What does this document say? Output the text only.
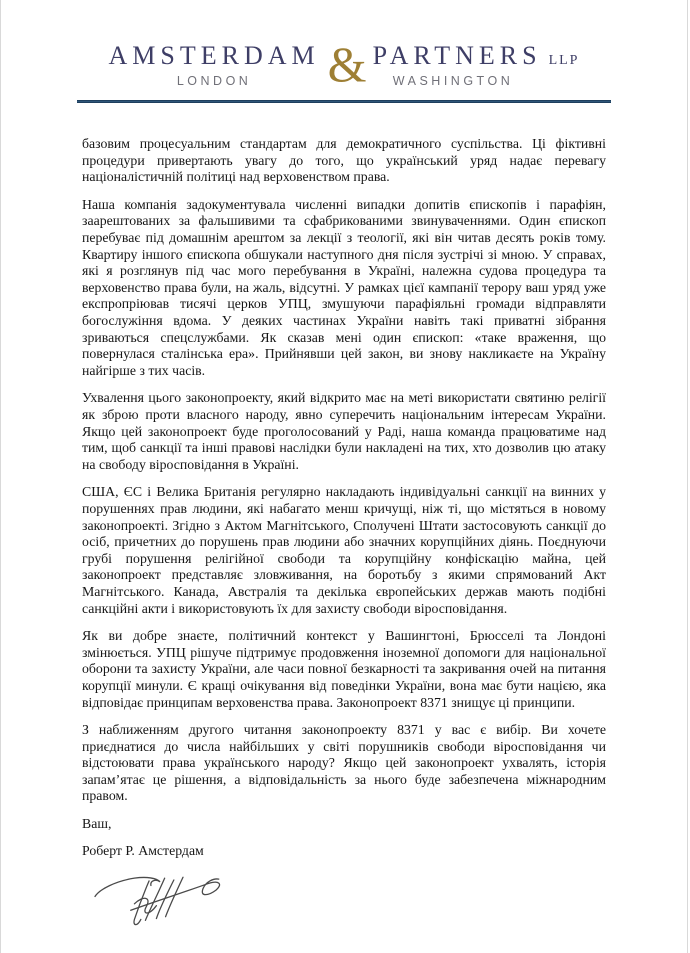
AMSTERDAM
LONDON & PARTNERS LLP
WASHINGTON

базовим процесуальним стандартам для демократичного суспільства. Ці фіктивні процедури привертають увагу до того, що український уряд надає перевагу націоналістичній політиці над верховенством права.

Наша компанія задокументувала численні випадки допитів єпископів і парафіян, заарештованих за фальшивими та сфабрикованими звинуваченнями. Один єпископ перебуває під домашнім арештом за лекції з теології, які він читав десять років тому. Квартиру іншого єпископа обшукали наступного дня після зустрічі зі мною. У справах, які я розглянув під час мого перебування в Україні, належна судова процедура та верховенство права були, на жаль, відсутні. У рамках цієї кампанії терору ваш уряд уже експропріював тисячі церков УПЦ, змушуючи парафіяльні громади відправляти богослужіння вдома. У деяких частинах України навіть такі приватні зібрання зриваються спецслужбами. Як сказав мені один єпископ: «таке враження, що повернулася сталінська ера». Прийнявши цей закон, ви знову накликаєте на Україну найгірше з тих часів.

Ухвалення цього законопроекту, який відкрито має на меті використати святиню релігії як зброю проти власного народу, явно суперечить національним інтересам України. Якщо цей законопроект буде проголосований у Раді, наша команда працюватиме над тим, щоб санкції та інші правові наслідки були накладені на тих, хто дозволив цю атаку на свободу віросповідання в Україні.

США, ЄС і Велика Британія регулярно накладають індивідуальні санкції на винних у порушеннях прав людини, які набагато менш кричущі, ніж ті, що містяться в новому законопроекті. Згідно з Актом Магнітського, Сполучені Штати застосовують санкції до осіб, причетних до порушень прав людини або значних корупційних діянь. Поєднуючи грубі порушення релігійної свободи та корупційну конфіскацію майна, цей законопроект представляє зловживання, на боротьбу з якими спрямований Акт Магнітського. Канада, Австралія та декілька європейських держав мають подібні санкційні акти і використовують їх для захисту свободи віросповідання.

Як ви добре знаєте, політичний контекст у Вашингтоні, Брюсселі та Лондоні змінюється. УПЦ рішуче підтримує продовження іноземної допомоги для національної оборони та захисту України, але часи повної безкарності та закривання очей на питання корупції минули. Є кращі очікування від поведінки України, вона має бути нацією, яка відповідає принципам верховенства права. Законопроект 8371 знищує ці принципи.

З наближенням другого читання законопроекту 8371 у вас є вибір. Ви хочете приєднатися до числа найбільших у світі порушників свободи віросповідання чи відстоювати права українського народу? Якщо цей законопроект ухвалять, історія запам’ятає це рішення, а відповідальність за нього буде забезпечена міжнародним правом.

Ваш,

Роберт Р. Амстердам
